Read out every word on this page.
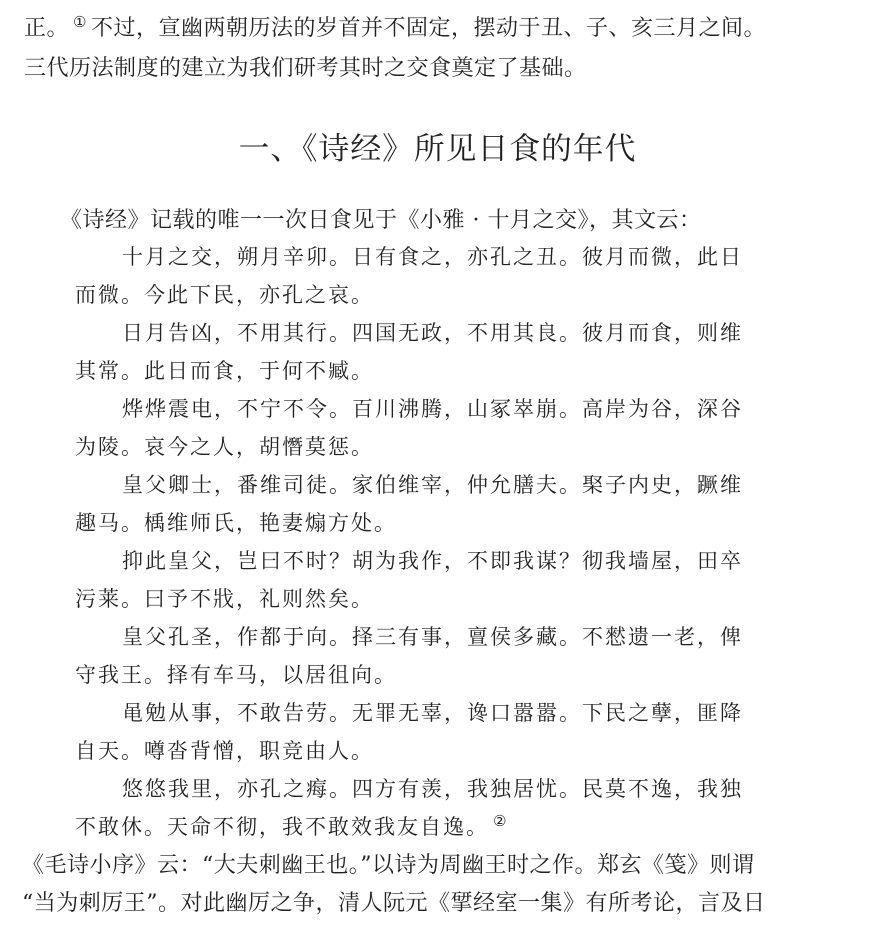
正。 ① 不过，宣幽两朝历法的岁首并不固定，摆动于丑、子、亥三月之间。
三代历法制度的建立为我们研考其时之交食奠定了基础。
一、《诗经》所见日食的年代
《诗经》记载的唯一一次日食见于《小雅 · 十月之交》，其文云：
十月之交，朔月辛卯。日有食之，亦孔之丑。彼月而微，此日
而微。今此下民，亦孔之哀。
日月告凶，不用其行。四国无政，不用其良。彼月而食，则维
其常。此日而食，于何不臧。
烨烨震电，不宁不令。百川沸腾，山冢崒崩。高岸为谷，深谷
为陵。哀今之人，胡憯莫惩。
皇父卿士，番维司徒。家伯维宰，仲允膳夫。棸子内史，蹶维
趣马。楀维师氏，艳妻煽方处。
抑此皇父，岂曰不时？胡为我作，不即我谋？彻我墙屋，田卒
污莱。曰予不戕，礼则然矣。
皇父孔圣，作都于向。择三有事，亶侯多藏。不憖遗一老，俾
守我王。择有车马，以居徂向。
黾勉从事，不敢告劳。无罪无辜，谗口嚣嚣。下民之孽，匪降
自天。噂沓背憎，职竞由人。
悠悠我里，亦孔之痗。四方有羡，我独居忧。民莫不逸，我独
不敢休。天命不彻，我不敢效我友自逸。 ②
《毛诗小序》云：“大夫刺幽王也。”以诗为周幽王时之作。郑玄《笺》则谓
“当为刺厉王”。对此幽厉之争，清人阮元《揅经室一集》有所考论，言及日
